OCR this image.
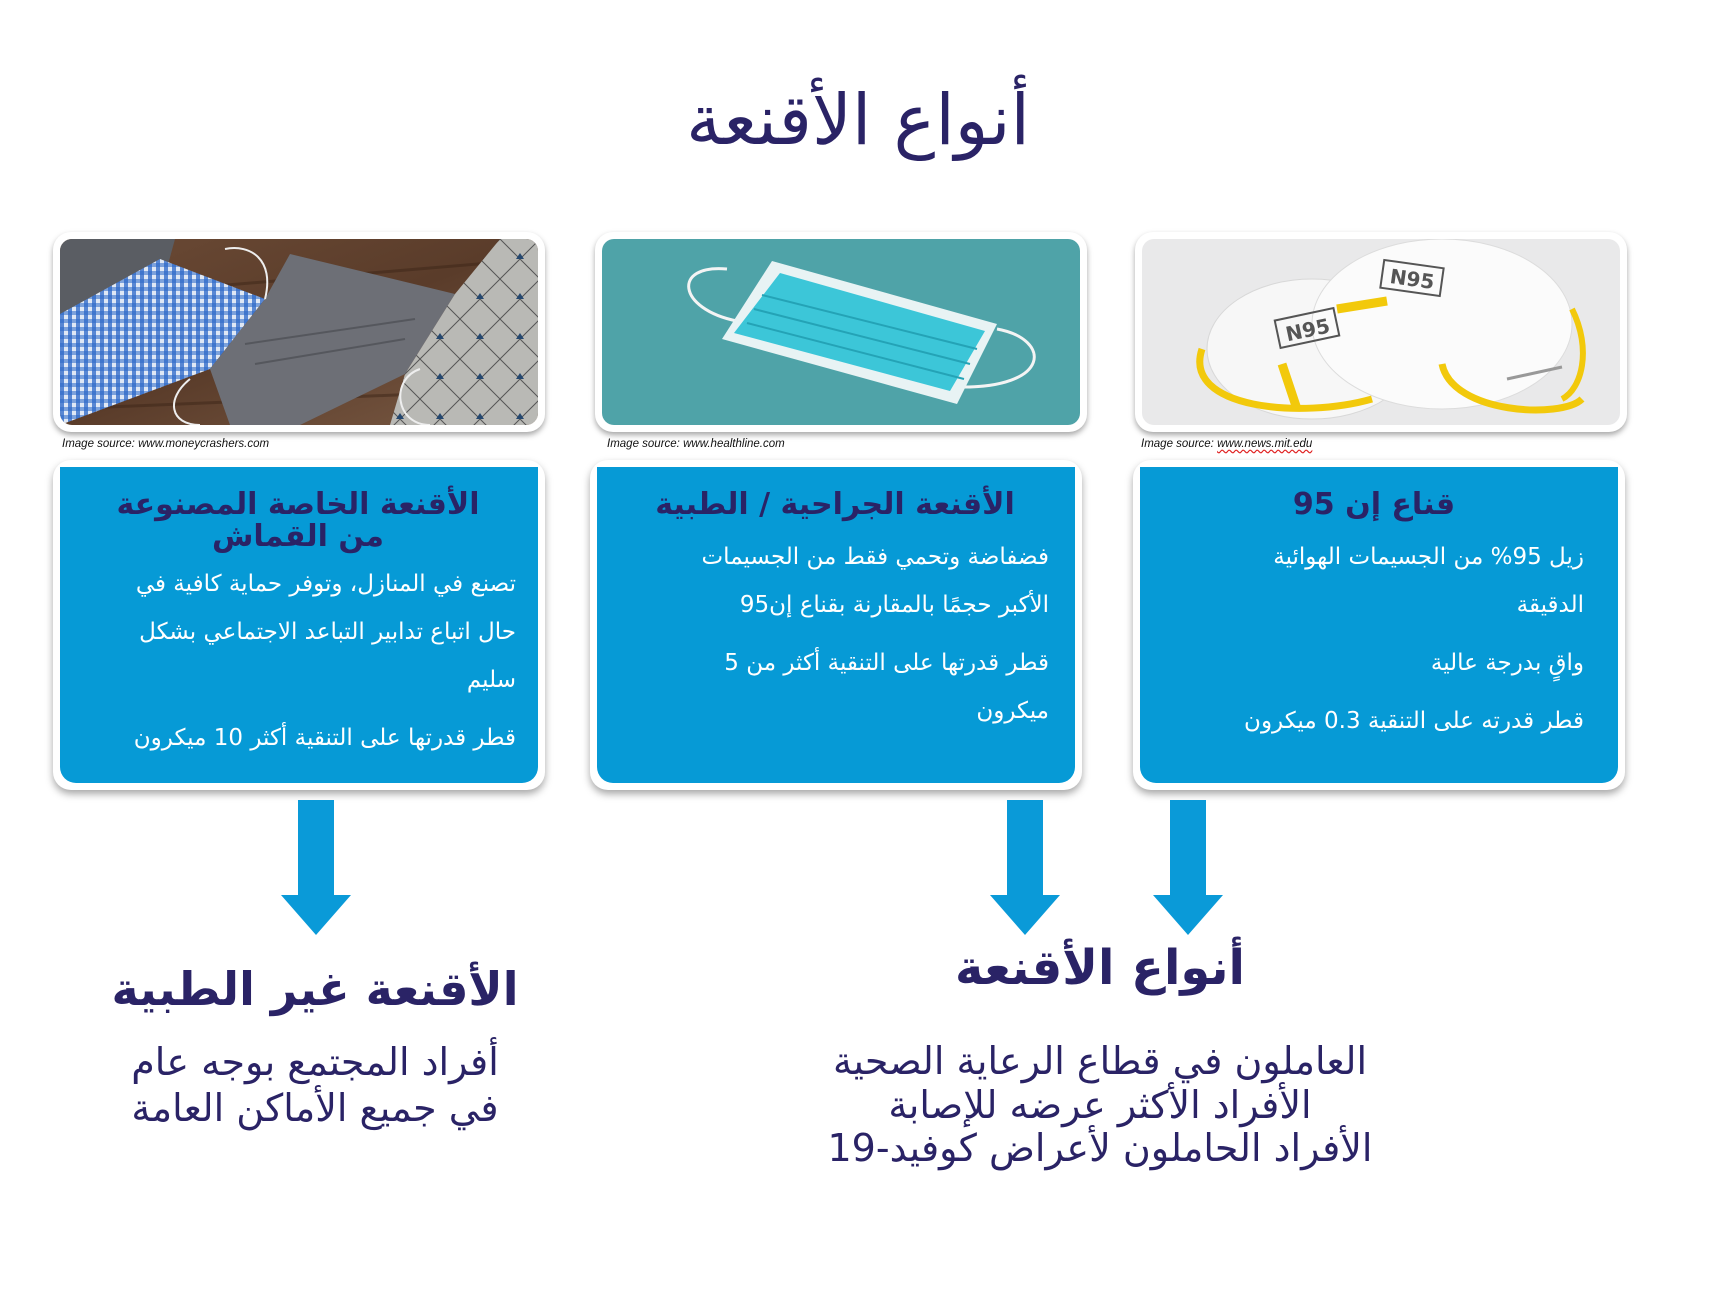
أنواع الأقنعة
Image source: www.moneycrashers.com	Image source: www.healthline.com
N95
N95
Image source: www.news.mit.edu
الأقنعة الخاصة المصنوعة
من القماش
تصنع في المنازل، وتوفر حماية كافية في
حال اتباع تدابير التباعد الاجتماعي بشكل
سليم
قطر قدرتها على التنقية أكثر 10 ميكرون
الأقنعة الجراحية / الطبية
فضفاضة وتحمي فقط من الجسيمات
الأكبر حجمًا بالمقارنة بقناع إن95
قطر قدرتها على التنقية أكثر من 5
ميكرون
قناع إن 95
زيل 95% من الجسيمات الهوائية
الدقيقة
واقٍ بدرجة عالية
قطر قدرته على التنقية 0.3 ميكرون
الأقنعة غير الطبية
أفراد المجتمع بوجه عام
في جميع الأماكن العامة
أنواع الأقنعة
العاملون في قطاع الرعاية الصحية
الأفراد الأكثر عرضه للإصابة
الأفراد الحاملون لأعراض كوفيد-19
